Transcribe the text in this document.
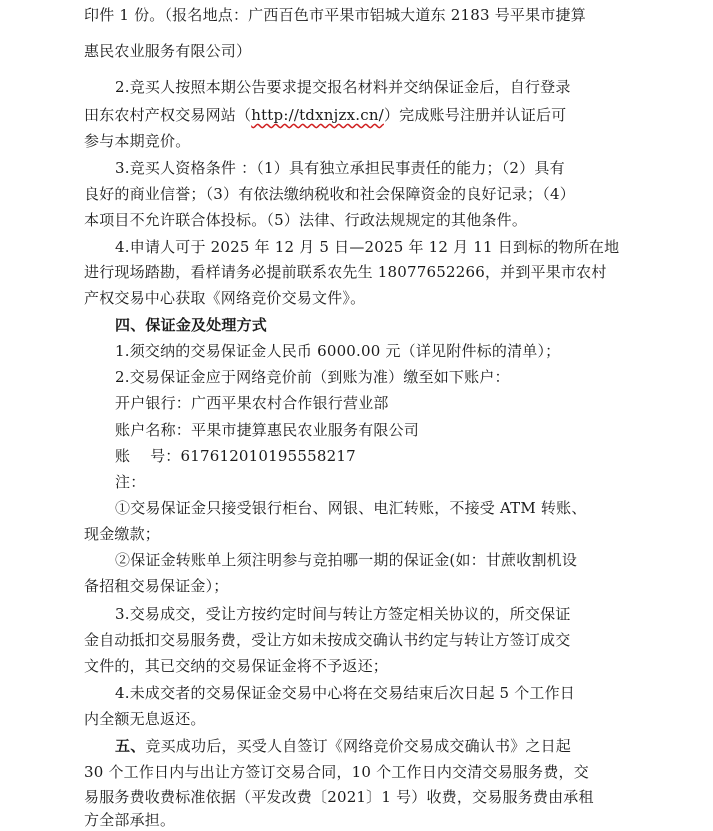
印件 1 份。（报名地点：广西百色市平果市铝城大道东 2183 号平果市捷算
惠民农业服务有限公司）
2.竞买人按照本期公告要求提交报名材料并交纳保证金后，自行登录
田东农村产权交易网站（http://tdxnjzx.cn/）完成账号注册并认证后可
参与本期竞价。
3.竞买人资格条件 ：（1）具有独立承担民事责任的能力；（2）具有
良好的商业信誉；（3）有依法缴纳税收和社会保障资金的良好记录；（4）
本项目不允许联合体投标。（5）法律、行政法规规定的其他条件。
4.申请人可于 2025 年 12 月 5 日—2025 年 12 月 11 日到标的物所在地
进行现场踏勘，看样请务必提前联系农先生 18077652266，并到平果市农村
产权交易中心获取《网络竞价交易文件》。
四、保证金及处理方式
1.须交纳的交易保证金人民币 6000.00 元（详见附件标的清单）；
2.交易保证金应于网络竞价前（到账为准）缴至如下账户：
开户银行：广西平果农村合作银行营业部
账户名称：平果市捷算惠民农业服务有限公司
账    号：617612010195558217
注：
①交易保证金只接受银行柜台、网银、电汇转账，不接受 ATM 转账、
现金缴款；
②保证金转账单上须注明参与竞拍哪一期的保证金(如：甘蔗收割机设
备招租交易保证金）；
3.交易成交，受让方按约定时间与转让方签定相关协议的，所交保证
金自动抵扣交易服务费，受让方如未按成交确认书约定与转让方签订成交
文件的，其已交纳的交易保证金将不予返还；
4.未成交者的交易保证金交易中心将在交易结束后次日起 5 个工作日
内全额无息返还。
五、竞买成功后，买受人自签订《网络竞价交易成交确认书》之日起
30 个工作日内与出让方签订交易合同，10 个工作日内交清交易服务费，交
易服务费收费标准依据（平发改费〔2021〕1 号）收费，交易服务费由承租
方全部承担。
